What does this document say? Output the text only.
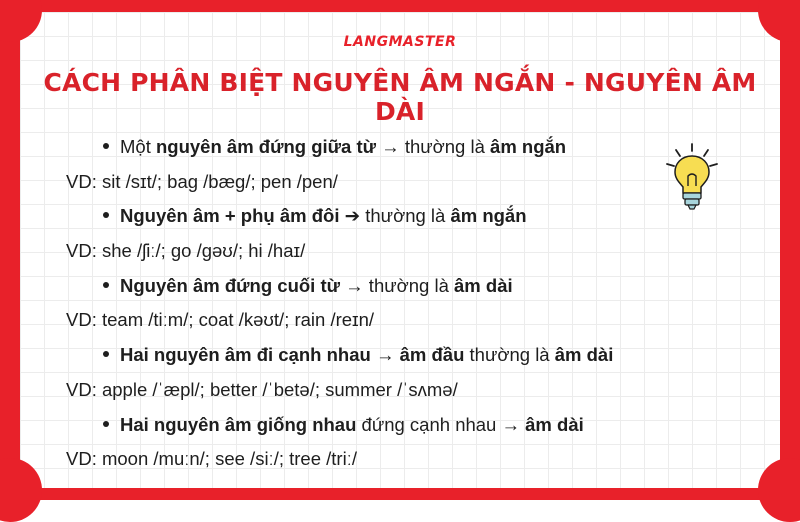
LANGMASTER
CÁCH PHÂN BIỆT NGUYÊN ÂM NGẮN - NGUYÊN ÂM DÀI
Một nguyên âm đứng giữa từ → thường là âm ngắn
VD: sit /sɪt/; bag /bæɡ/; pen /pen/
Nguyên âm + phụ âm đôi ➔ thường là âm ngắn
VD: she /ʃiː/; go /ɡəʊ/; hi /haɪ/
Nguyên âm đứng cuối từ → thường là âm dài
VD: team /tiːm/; coat /kəʊt/; rain /reɪn/
Hai nguyên âm đi cạnh nhau → âm đầu thường là âm dài
VD: apple /ˈæpl/; better /ˈbetə/; summer /ˈsʌmə/
Hai nguyên âm giống nhau đứng cạnh nhau → âm dài
VD: moon /muːn/; see /siː/; tree /triː/
